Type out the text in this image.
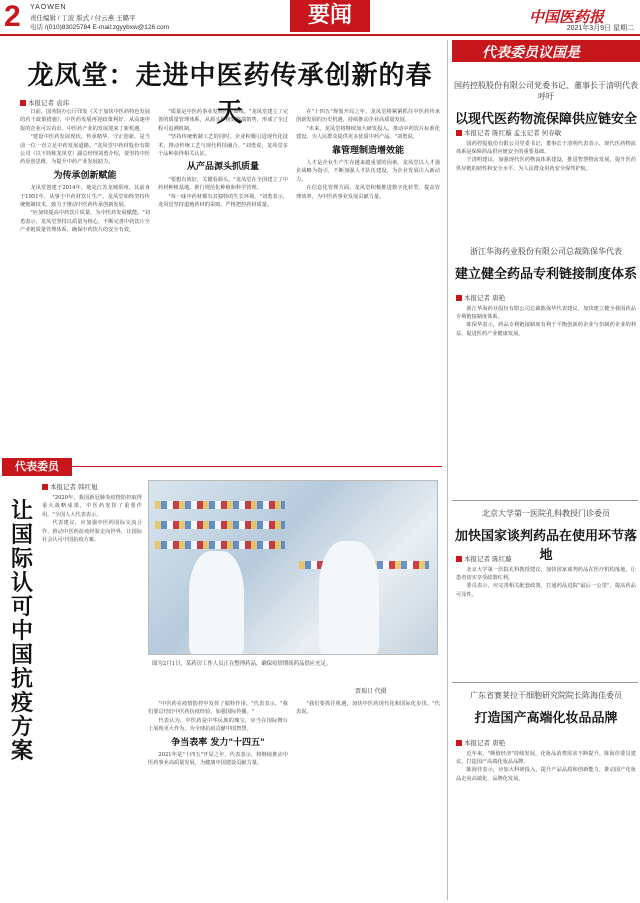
2 YAOWEN
责任编辑 / 丁波 版式 / 付云燕 王璐平
电话 /(010)83025784 E-mail:zgyybxw@126.com	要闻	中国医药报
2021年3月9日 星期二
龙凤堂：走进中医药传承创新的春天
本报记者 袁玮

日前，国务院办公厅印发《关于加快中医药特色发展的若干政策措施》，中医药发展再迎政策利好。从高速申报的企业可以看出，中医药产业的发展迎来了新机遇。

"建设中医药发展现状，传承精华、守正创新，是当前一位一直立足中药发展道路。"龙凤堂中药材股份有限公司（以下简称龙凤堂）副总经理刘勇介绍，要坚持中医药原创思维，为提升中药产业发展助力。

为传承创新赋能

龙凤堂创建于2014年，地处江苏龙城常州，其前身于1951年，从事于中药材饮片生产。龙凤堂始终坚持传统炮制技术，致力于推动中医药传承创新发展。

"应加快提高中药饮片质量，为中医药发展赋能。"刘勇表示，龙凤堂坚持以质量为核心，不断完善中药饮片全产业链质量管理体系，确保中药饮片的安全有效。

"质量是中医药事业发展的生命线。"龙凤堂建立了完善的质量管理体系，从源头种植到终端销售，形成了全过程可追溯机制。

"坚持传统炮制工艺的同时，企业积极引进现代化技术，推动传统工艺与现代科技融合。"刘勇说，龙凤堂多个品种获得相关认证。

从产品源头抓质量

"要想有效好，关键看源头。"龙凤堂在全国建立了中药材种植基地，推行规范化种植和科学管理。

"每一味中药材都有其独特的生长环境。"刘勇表示，龙凤堂坚持道地药材的采购，严格把控药材质量。

在"十四五"规划开局之年，龙凤堂将紧紧抓住中医药传承创新发展的历史机遇，持续推动企业高质量发展。

"未来，龙凤堂将继续加大研发投入，推动中药饮片标准化建设，为人民群众提供更多优质中药产品。"刘勇说。

靠管理制造增效能

人才是企业生产生存越来越重要的因素。龙凤堂以人才强企战略为指引，不断加强人才队伍建设，为企业发展注入新动力。

在信息化管理方面，龙凤堂积极推进数字化转型，提高管理效率，为中医药事业发展贡献力量。

代表委员
让国际认可中国抗疫方案
本报记者 韩红旭

"2020年，我国新冠肺炎疫情防控取得重大战略成果，中医药发挥了重要作用。"全国人大代表表示。

代表建议，应加强中医药国际交流合作，推动中医药抗疫经验走向世界，让国际社会认可中国抗疫方案。

图为2月1日，某药房工作人员正在整理药品，确保疫情期间药品供应充足。
贾瑞日 代摄

"中医药在疫情防控中发挥了独特作用。"代表表示，"我们要总结好中医药抗疫经验，加强国际传播。"

代表认为，中医药是中华民族的瑰宝，应当在国际舞台上展现更大作为，为全球抗疫贡献中国智慧。

争当表率 发力"十四五"

2021年是"十四五"开局之年。代表表示，将继续推动中医药事业高质量发展，为健康中国建设贡献力量。

"我们要抓住机遇，加快中医药现代化和国际化步伐。"代表说。

代表委员议国是
国药控股股份有限公司党委书记、董事长于清明代表呼吁
以现代医药物流保障供应链安全
本报记者 陈红璇 孟玉记者 何春敏

国药控股股份有限公司党委书记、董事长于清明代表表示，现代医药物流体系是保障药品供应链安全的重要基础。

于清明建议，加强现代医药物流体系建设，推进智慧物流发展，提升医药供应链的韧性和安全水平，为人民群众用药安全保驾护航。

浙江华海药业股份有限公司总裁陈保华代表
建立健全药品专利链接制度体系
本报记者 唐艳

浙江华海药业股份有限公司总裁陈保华代表建议，加快建立健全我国药品专利链接制度体系。

陈保华表示，药品专利链接制度有利于平衡创新药企业与仿制药企业的利益，促进医药产业健康发展。

北京大学第一医院孔科教授门诊委员
加快国家谈判药品在使用环节落地
本报记者 陈红璇

北京大学第一医院孔科教授建议，加快国家谈判药品在医疗机构落地，让患者切实享受政策红利。

委员表示，应完善相关配套政策，打通药品进院"最后一公里"，提高药品可及性。

广东省赛莱拉干细胞研究院院长陈海佳委员
打造国产高端化妆品品牌
本报记者 唐艳

近年来，"颜值经济"持续发展，化妆品消费需求不断提升。陈海佳委员建议，打造国产高端化妆品品牌。

陈海佳表示，应加大科研投入，提升产品品质和创新能力，推动国产化妆品走向高端化、品牌化发展。
